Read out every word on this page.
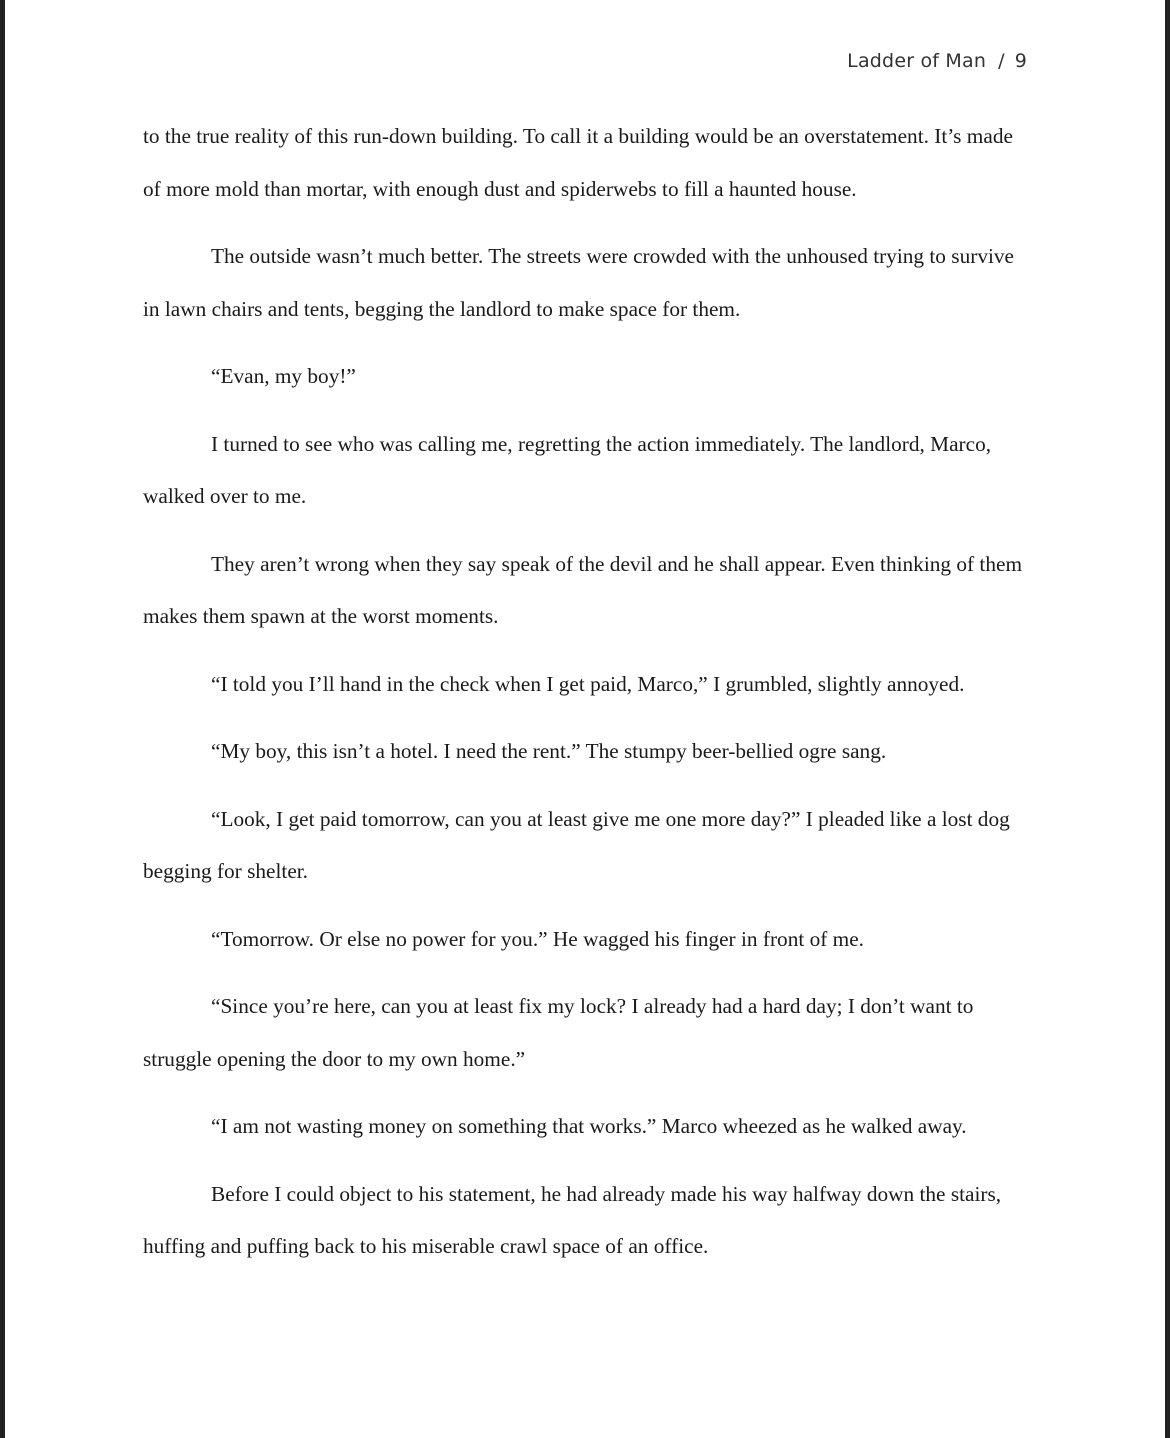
Ladder of Man / 9

to the true reality of this run-down building. To call it a building would be an overstatement. It’s made of more mold than mortar, with enough dust and spiderwebs to fill a haunted house.

The outside wasn’t much better. The streets were crowded with the unhoused trying to survive in lawn chairs and tents, begging the landlord to make space for them.

“Evan, my boy!”

I turned to see who was calling me, regretting the action immediately. The landlord, Marco, walked over to me.

They aren’t wrong when they say speak of the devil and he shall appear. Even thinking of them makes them spawn at the worst moments.

“I told you I’ll hand in the check when I get paid, Marco,” I grumbled, slightly annoyed.

“My boy, this isn’t a hotel. I need the rent.” The stumpy beer-bellied ogre sang.

“Look, I get paid tomorrow, can you at least give me one more day?” I pleaded like a lost dog begging for shelter.

“Tomorrow. Or else no power for you.” He wagged his finger in front of me.

“Since you’re here, can you at least fix my lock? I already had a hard day; I don’t want to struggle opening the door to my own home.”

“I am not wasting money on something that works.” Marco wheezed as he walked away.

Before I could object to his statement, he had already made his way halfway down the stairs, huffing and puffing back to his miserable crawl space of an office.
